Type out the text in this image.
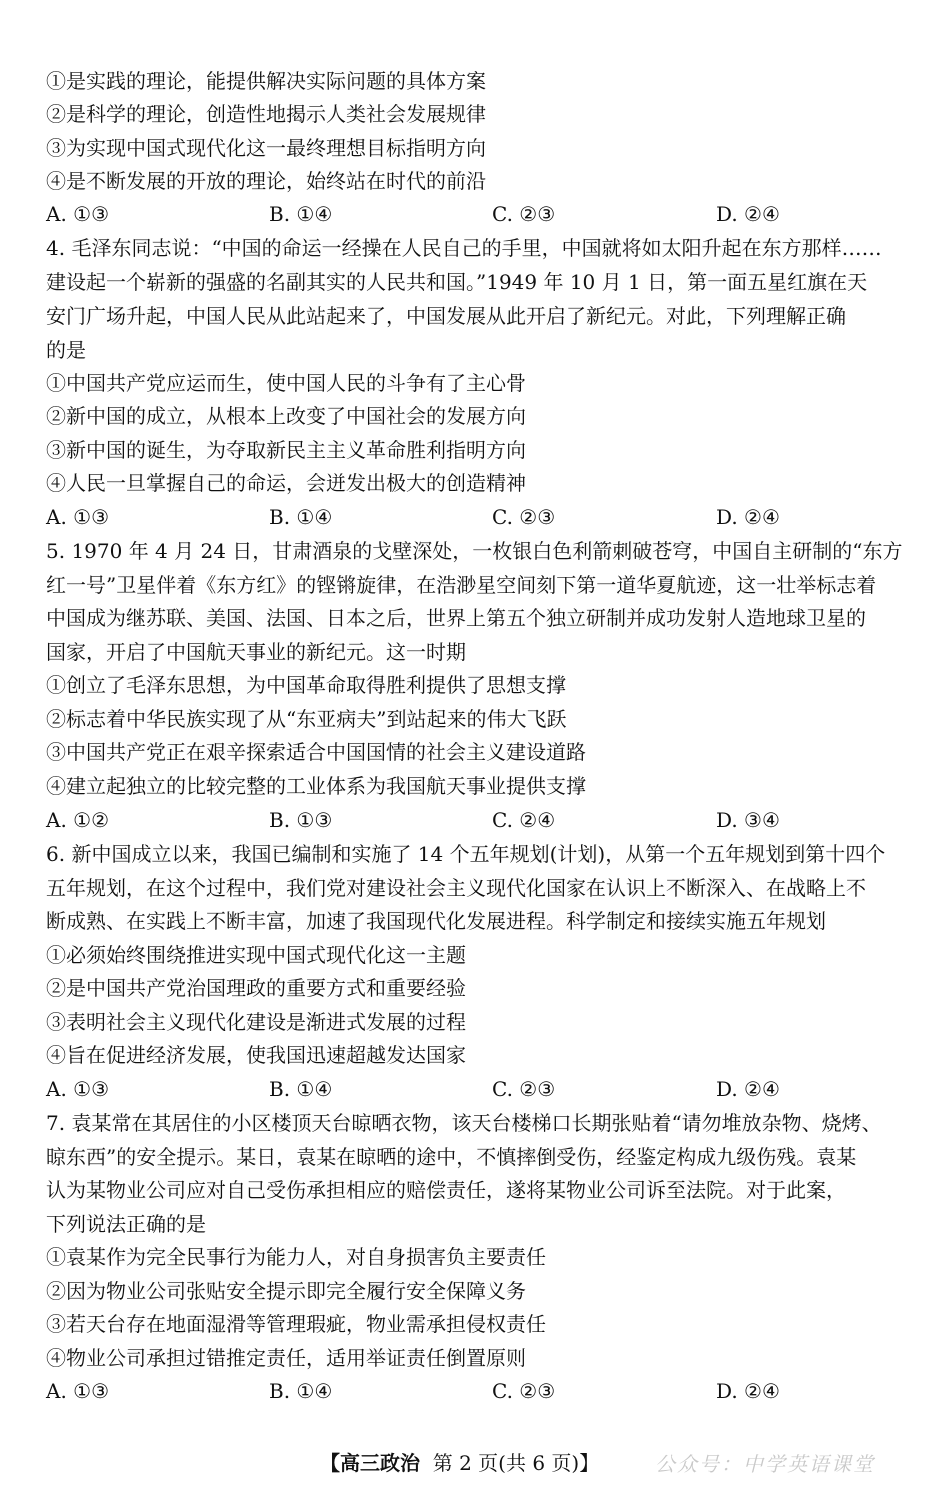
①是实践的理论，能提供解决实际问题的具体方案
②是科学的理论，创造性地揭示人类社会发展规律
③为实现中国式现代化这一最终理想目标指明方向
④是不断发展的开放的理论，始终站在时代的前沿
A. ①③	B. ①④	C. ②③	D. ②④
4. 毛泽东同志说：“中国的命运一经操在人民自己的手里，中国就将如太阳升起在东方那样……
建设起一个崭新的强盛的名副其实的人民共和国。”1949 年 10 月 1 日，第一面五星红旗在天
安门广场升起，中国人民从此站起来了，中国发展从此开启了新纪元。对此，下列理解正确
的是
①中国共产党应运而生，使中国人民的斗争有了主心骨
②新中国的成立，从根本上改变了中国社会的发展方向
③新中国的诞生，为夺取新民主主义革命胜利指明方向
④人民一旦掌握自己的命运，会迸发出极大的创造精神
A. ①③	B. ①④	C. ②③	D. ②④
5. 1970 年 4 月 24 日，甘肃酒泉的戈壁深处，一枚银白色利箭刺破苍穹，中国自主研制的“东方
红一号”卫星伴着《东方红》的铿锵旋律，在浩渺星空间刻下第一道华夏航迹，这一壮举标志着
中国成为继苏联、美国、法国、日本之后，世界上第五个独立研制并成功发射人造地球卫星的
国家，开启了中国航天事业的新纪元。这一时期
①创立了毛泽东思想，为中国革命取得胜利提供了思想支撑
②标志着中华民族实现了从“东亚病夫”到站起来的伟大飞跃
③中国共产党正在艰辛探索适合中国国情的社会主义建设道路
④建立起独立的比较完整的工业体系为我国航天事业提供支撑
A. ①②	B. ①③	C. ②④	D. ③④
6. 新中国成立以来，我国已编制和实施了 14 个五年规划(计划)，从第一个五年规划到第十四个
五年规划，在这个过程中，我们党对建设社会主义现代化国家在认识上不断深入、在战略上不
断成熟、在实践上不断丰富，加速了我国现代化发展进程。科学制定和接续实施五年规划
①必须始终围绕推进实现中国式现代化这一主题
②是中国共产党治国理政的重要方式和重要经验
③表明社会主义现代化建设是渐进式发展的过程
④旨在促进经济发展，使我国迅速超越发达国家
A. ①③	B. ①④	C. ②③	D. ②④
7. 袁某常在其居住的小区楼顶天台晾晒衣物，该天台楼梯口长期张贴着“请勿堆放杂物、烧烤、
晾东西”的安全提示。某日，袁某在晾晒的途中，不慎摔倒受伤，经鉴定构成九级伤残。袁某
认为某物业公司应对自己受伤承担相应的赔偿责任，遂将某物业公司诉至法院。对于此案，
下列说法正确的是
①袁某作为完全民事行为能力人，对自身损害负主要责任
②因为物业公司张贴安全提示即完全履行安全保障义务
③若天台存在地面湿滑等管理瑕疵，物业需承担侵权责任
④物业公司承担过错推定责任，适用举证责任倒置原则
A. ①③	B. ①④	C. ②③	D. ②④
【高三政治 第 2 页(共 6 页)】	公众号：中学英语课堂
